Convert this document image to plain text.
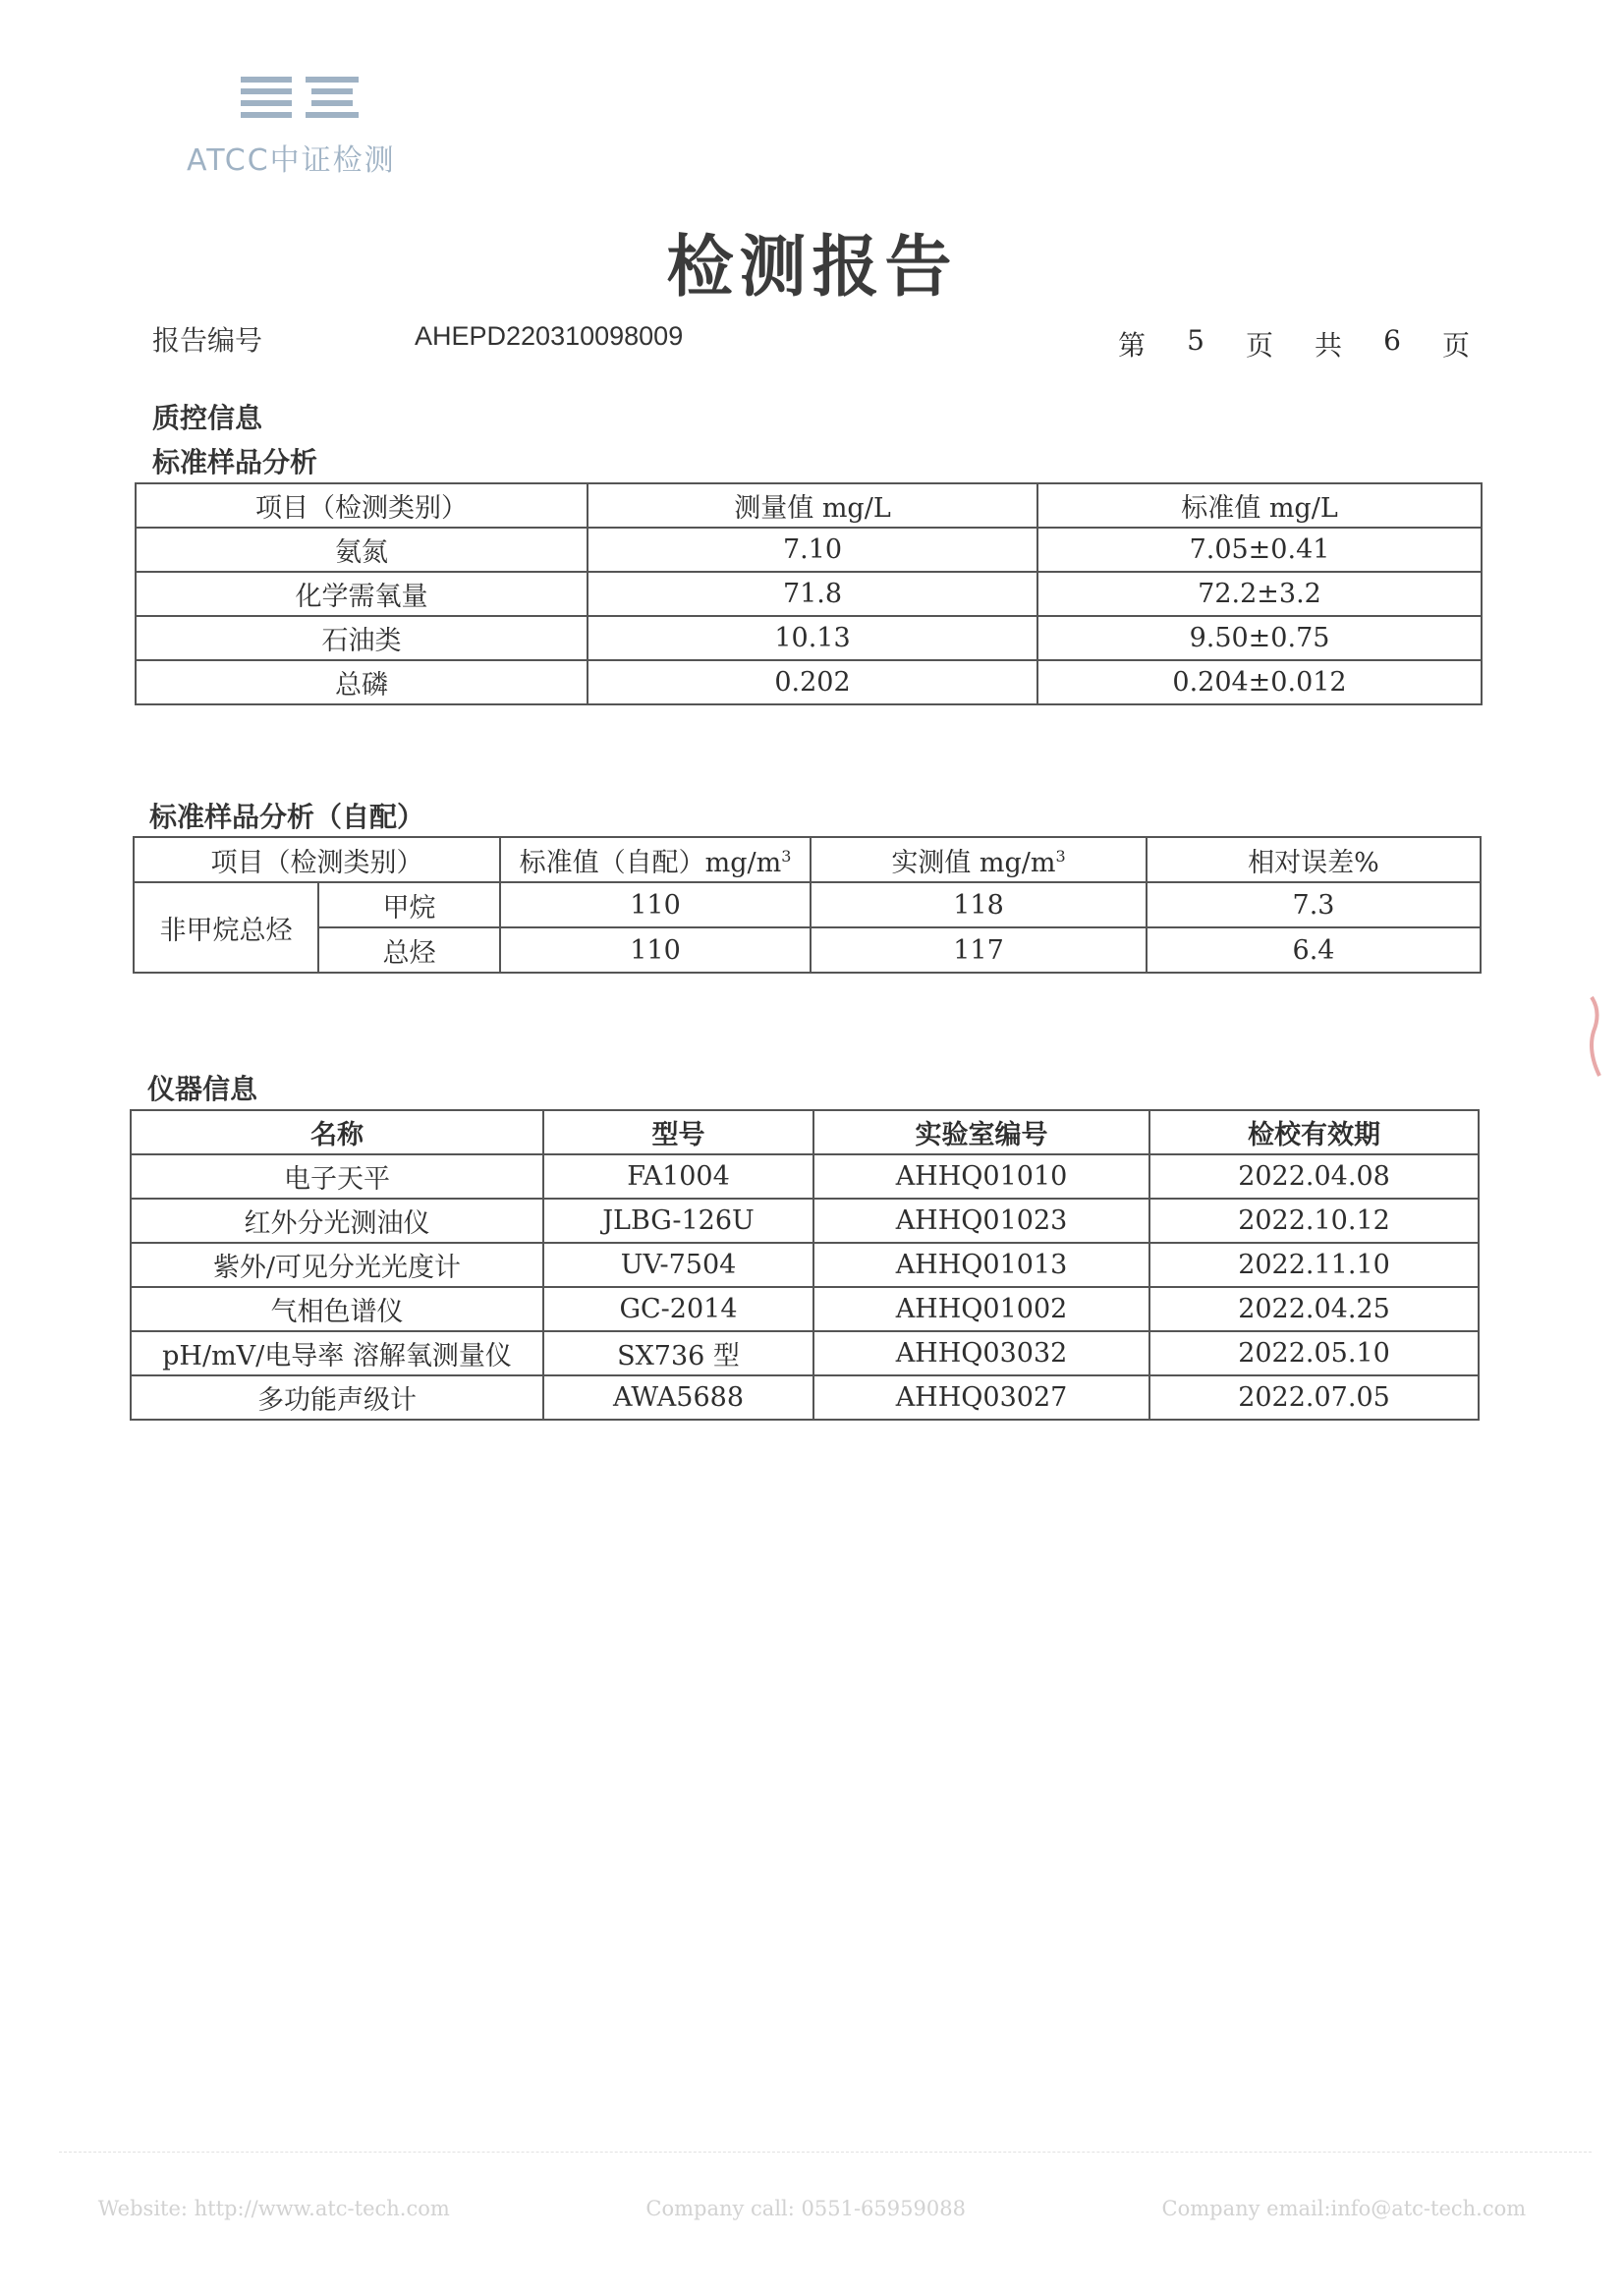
ATCC中证检测
检测报告
报告编号	AHEPD220310098009	第 5 页 共 6 页
质控信息
标准样品分析
项目（检测类别）	测量值 mg/L	标准值 mg/L
氨氮	7.10	7.05±0.41
化学需氧量	71.8	72.2±3.2
石油类	10.13	9.50±0.75
总磷	0.202	0.204±0.012
标准样品分析（自配）
项目（检测类别）		标准值（自配）$mg/m^3$	实测值 $mg/m^3$	相对误差%
非甲烷总烃	甲烷	110	118	7.3
	总烃	110	117	6.4
仪器信息
名称	型号	实验室编号	检校有效期
电子天平	FA1004	AHHQ01010	2022.04.08
红外分光测油仪	JLBG-126U	AHHQ01023	2022.10.12
紫外/可见分光光度计	UV-7504	AHHQ01013	2022.11.10
气相色谱仪	GC-2014	AHHQ01002	2022.04.25
pH/mV/电导率 溶解氧测量仪	SX736 型	AHHQ03032	2022.05.10
多功能声级计	AWA5688	AHHQ03027	2022.07.05
Website: http://www.atc-tech.com	Company call: 0551-65959088	Company email:info@atc-tech.com
